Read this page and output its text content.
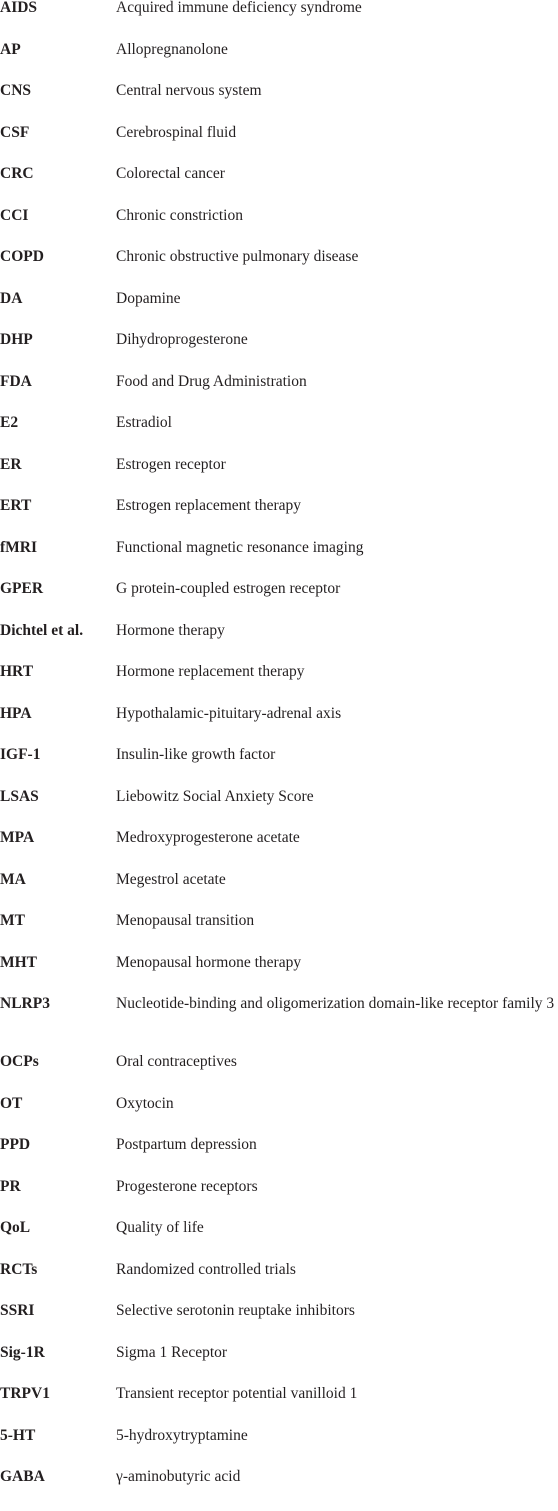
AIDS	Acquired immune deficiency syndrome
AP	Allopregnanolone
CNS	Central nervous system
CSF	Cerebrospinal fluid
CRC	Colorectal cancer
CCI	Chronic constriction
COPD	Chronic obstructive pulmonary disease
DA	Dopamine
DHP	Dihydroprogesterone
FDA	Food and Drug Administration
E2	Estradiol
ER	Estrogen receptor
ERT	Estrogen replacement therapy
fMRI	Functional magnetic resonance imaging
GPER	G protein-coupled estrogen receptor
Dichtel et al.	Hormone therapy
HRT	Hormone replacement therapy
HPA	Hypothalamic-pituitary-adrenal axis
IGF-1	Insulin-like growth factor
LSAS	Liebowitz Social Anxiety Score
MPA	Medroxyprogesterone acetate
MA	Megestrol acetate
MT	Menopausal transition
MHT	Menopausal hormone therapy
NLRP3	Nucleotide-binding and oligomerization domain-like receptor family 3
OCPs	Oral contraceptives
OT	Oxytocin
PPD	Postpartum depression
PR	Progesterone receptors
QoL	Quality of life
RCTs	Randomized controlled trials
SSRI	Selective serotonin reuptake inhibitors
Sig-1R	Sigma 1 Receptor
TRPV1	Transient receptor potential vanilloid 1
5-HT	5-hydroxytryptamine
GABA	γ-aminobutyric acid
